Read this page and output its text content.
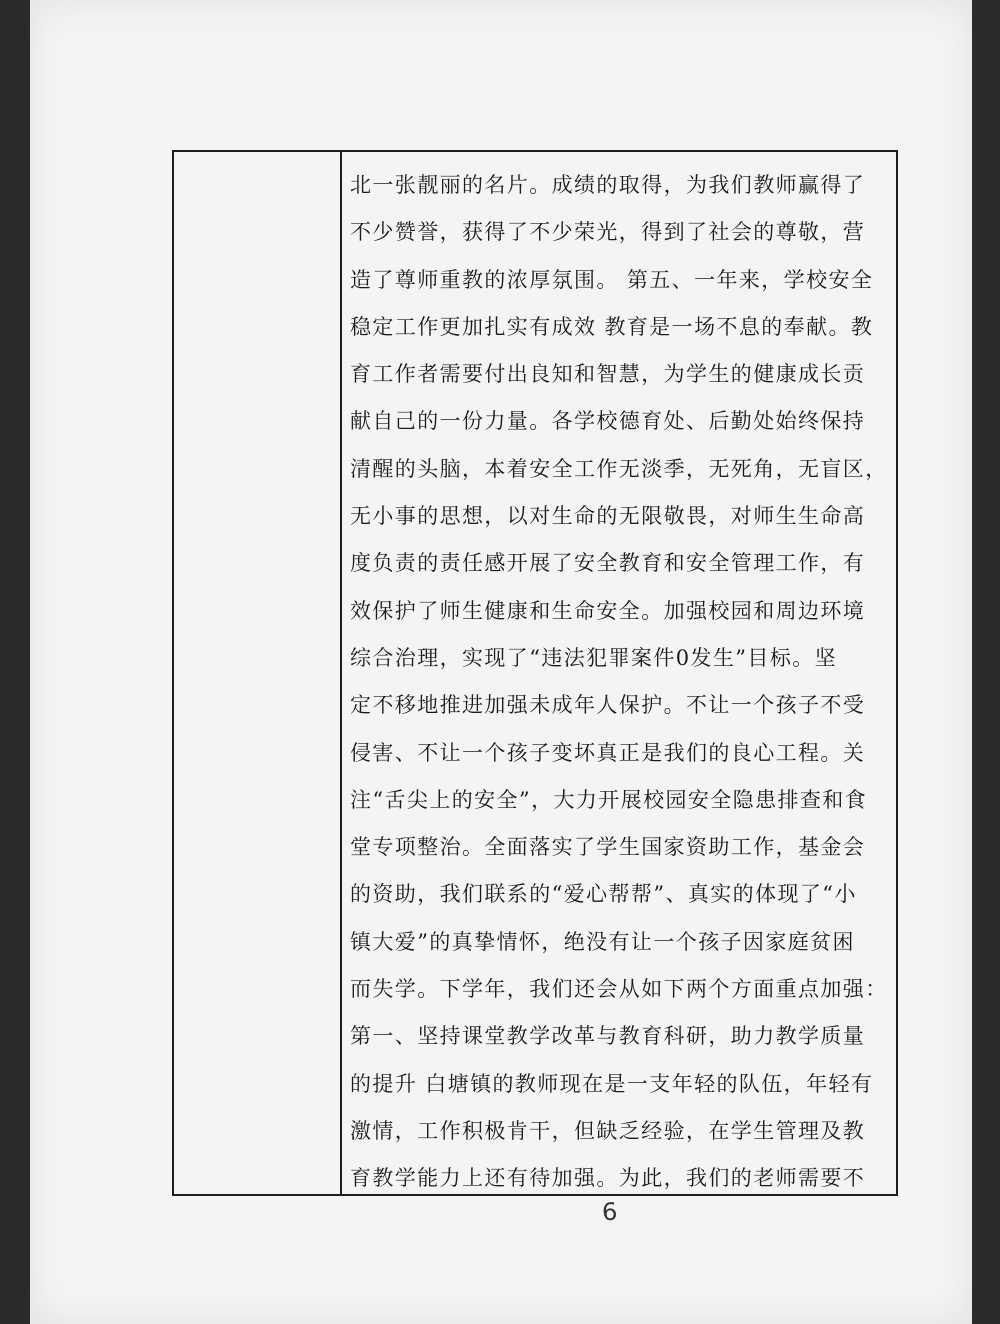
北一张靓丽的名片。成绩的取得，为我们教师赢得了
不少赞誉，获得了不少荣光，得到了社会的尊敬，营
造了尊师重教的浓厚氛围。 第五、一年来，学校安全
稳定工作更加扎实有成效 教育是一场不息的奉献。教
育工作者需要付出良知和智慧，为学生的健康成长贡
献自己的一份力量。各学校德育处、后勤处始终保持
清醒的头脑，本着安全工作无淡季，无死角，无盲区，
无小事的思想，以对生命的无限敬畏，对师生生命高
度负责的责任感开展了安全教育和安全管理工作，有
效保护了师生健康和生命安全。加强校园和周边环境
综合治理，实现了“违法犯罪案件0发生”目标。坚
定不移地推进加强未成年人保护。不让一个孩子不受
侵害、不让一个孩子变坏真正是我们的良心工程。关
注“舌尖上的安全”，大力开展校园安全隐患排查和食
堂专项整治。全面落实了学生国家资助工作，基金会
的资助，我们联系的“爱心帮帮”、真实的体现了“小
镇大爱”的真挚情怀，绝没有让一个孩子因家庭贫困
而失学。下学年，我们还会从如下两个方面重点加强：
第一、坚持课堂教学改革与教育科研，助力教学质量
的提升 白塘镇的教师现在是一支年轻的队伍，年轻有
激情，工作积极肯干，但缺乏经验，在学生管理及教
育教学能力上还有待加强。为此，我们的老师需要不
6
